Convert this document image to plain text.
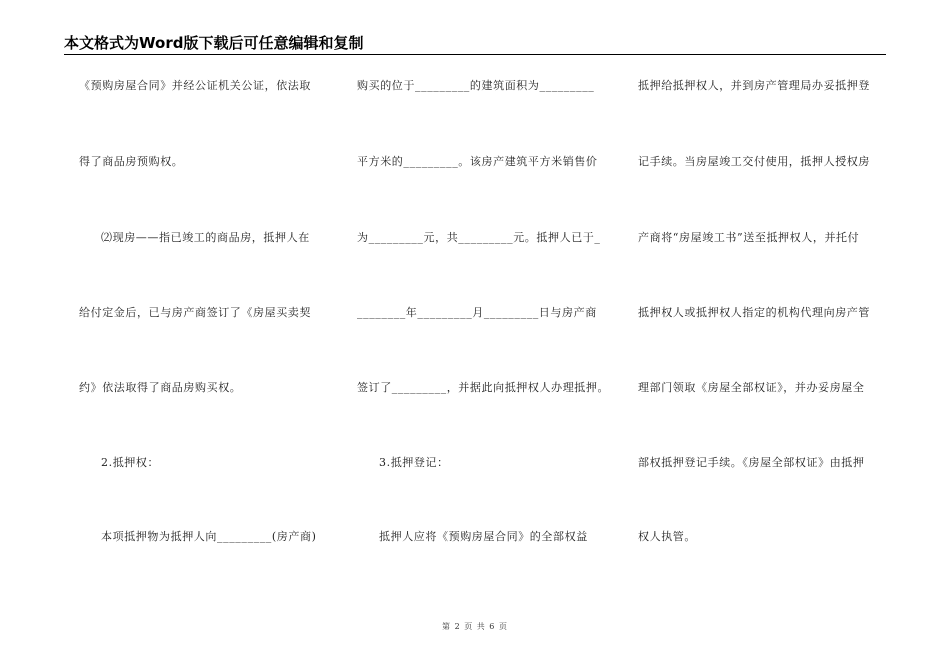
本文格式为Word版下载后可任意编辑和复制
《预购房屋合同》并经公证机关公证，依法取
得了商品房预购权。
⑵现房——指已竣工的商品房，抵押人在
给付定金后，已与房产商签订了《房屋买卖契
约》依法取得了商品房购买权。
2.抵押权：
本项抵押物为抵押人向_________(房产商)
购买的位于_________的建筑面积为_________
平方米的_________。该房产建筑平方米销售价
为_________元，共_________元。抵押人已于_
________年_________月_________日与房产商
签订了_________，并据此向抵押权人办理抵押。
3.抵押登记：
抵押人应将《预购房屋合同》的全部权益
抵押给抵押权人，并到房产管理局办妥抵押登
记手续。当房屋竣工交付使用，抵押人授权房
产商将“房屋竣工书”送至抵押权人，并托付
抵押权人或抵押权人指定的机构代理向房产管
理部门领取《房屋全部权证》，并办妥房屋全
部权抵押登记手续。《房屋全部权证》由抵押
权人执管。
第 2 页 共 6 页
